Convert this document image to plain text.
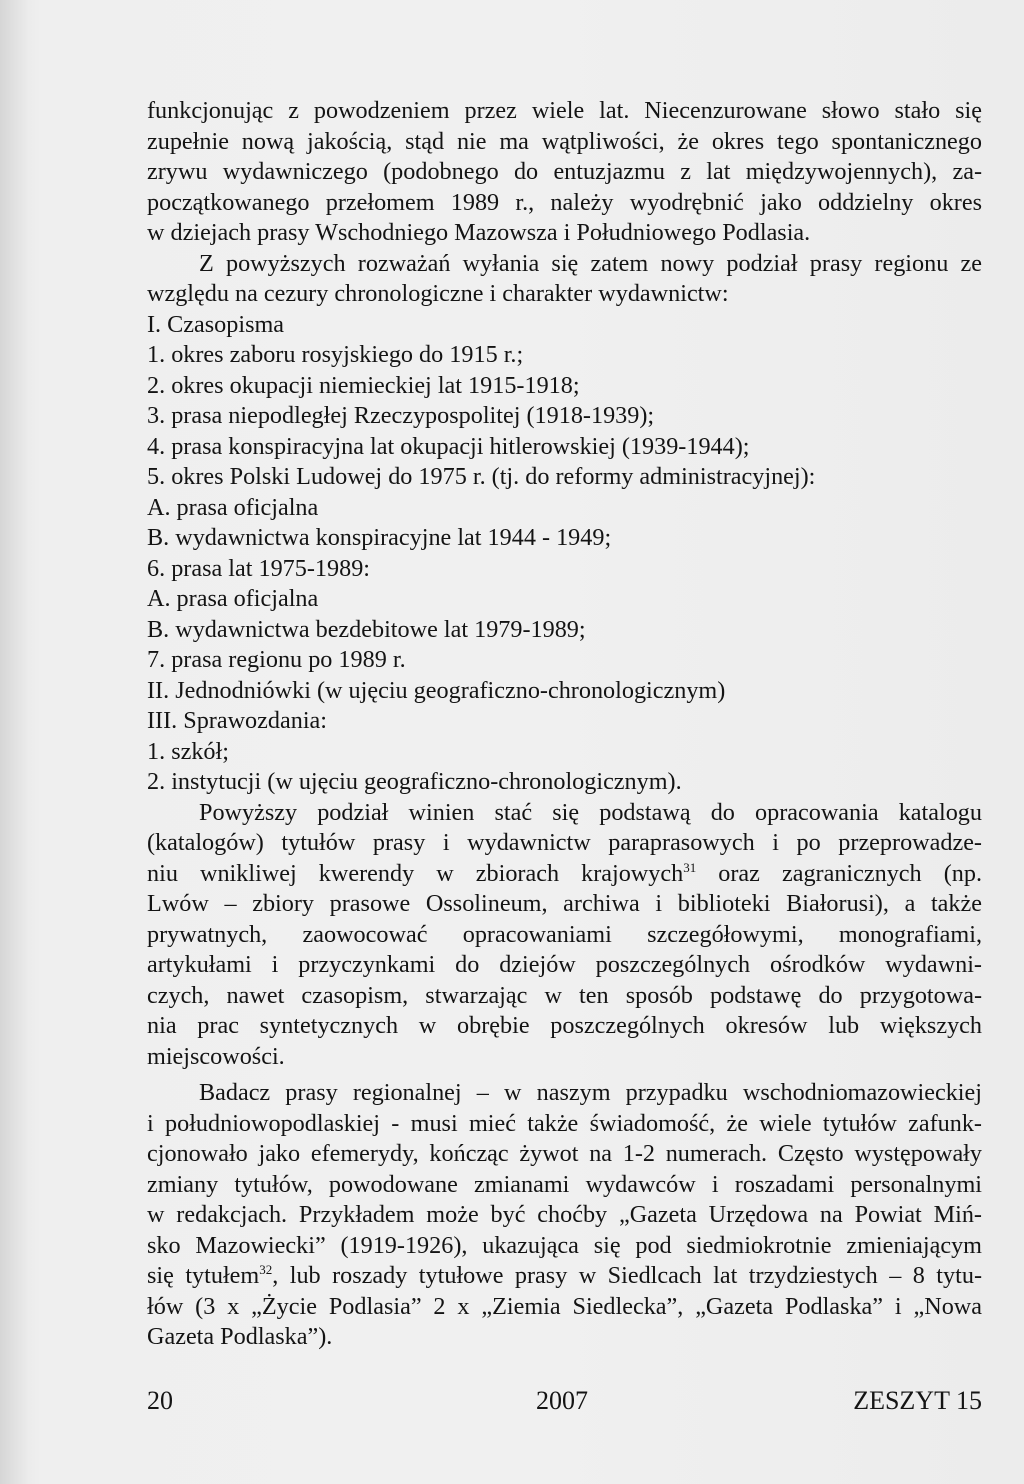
funkcjonując z powodzeniem przez wiele lat. Niecenzurowane słowo stało się
zupełnie nową jakością, stąd nie ma wątpliwości, że okres tego spontanicznego
zrywu wydawniczego (podobnego do entuzjazmu z lat międzywojennych), za-
początkowanego przełomem 1989 r., należy wyodrębnić jako oddzielny okres
w dziejach prasy Wschodniego Mazowsza i Południowego Podlasia.
Z powyższych rozważań wyłania się zatem nowy podział prasy regionu ze
względu na cezury chronologiczne i charakter wydawnictw:
I. Czasopisma
1. okres zaboru rosyjskiego do 1915 r.;
2. okres okupacji niemieckiej lat 1915-1918;
3. prasa niepodległej Rzeczypospolitej (1918-1939);
4. prasa konspiracyjna lat okupacji hitlerowskiej (1939-1944);
5. okres Polski Ludowej do 1975 r. (tj. do reformy administracyjnej):
A. prasa oficjalna
B. wydawnictwa konspiracyjne lat 1944 - 1949;
6. prasa lat 1975-1989:
A. prasa oficjalna
B. wydawnictwa bezdebitowe lat 1979-1989;
7. prasa regionu po 1989 r.
II. Jednodniówki (w ujęciu geograficzno-chronologicznym)
III. Sprawozdania:
1. szkół;
2. instytucji (w ujęciu geograficzno-chronologicznym).
Powyższy podział winien stać się podstawą do opracowania katalogu
(katalogów) tytułów prasy i wydawnictw paraprasowych i po przeprowadze-
niu wnikliwej kwerendy w zbiorach krajowych$^{31}$ oraz zagranicznych (np.
Lwów – zbiory prasowe Ossolineum, archiwa i biblioteki Białorusi), a także
prywatnych, zaowocować opracowaniami szczegółowymi, monografiami,
artykułami i przyczynkami do dziejów poszczególnych ośrodków wydawni-
czych, nawet czasopism, stwarzając w ten sposób podstawę do przygotowa-
nia prac syntetycznych w obrębie poszczególnych okresów lub większych
miejscowości.
Badacz prasy regionalnej – w naszym przypadku wschodniomazowieckiej
i południowopodlaskiej - musi mieć także świadomość, że wiele tytułów zafunk-
cjonowało jako efemerydy, kończąc żywot na 1-2 numerach. Często występowały
zmiany tytułów, powodowane zmianami wydawców i roszadami personalnymi
w redakcjach. Przykładem może być choćby „Gazeta Urzędowa na Powiat Miń-
sko Mazowiecki” (1919-1926), ukazująca się pod siedmiokrotnie zmieniającym
się tytułem$^{32}$, lub roszady tytułowe prasy w Siedlcach lat trzydziestych – 8 tytu-
łów (3 x „Życie Podlasia” 2 x „Ziemia Siedlecka”, „Gazeta Podlaska” i „Nowa
Gazeta Podlaska”).
20	2007	ZESZYT 15
